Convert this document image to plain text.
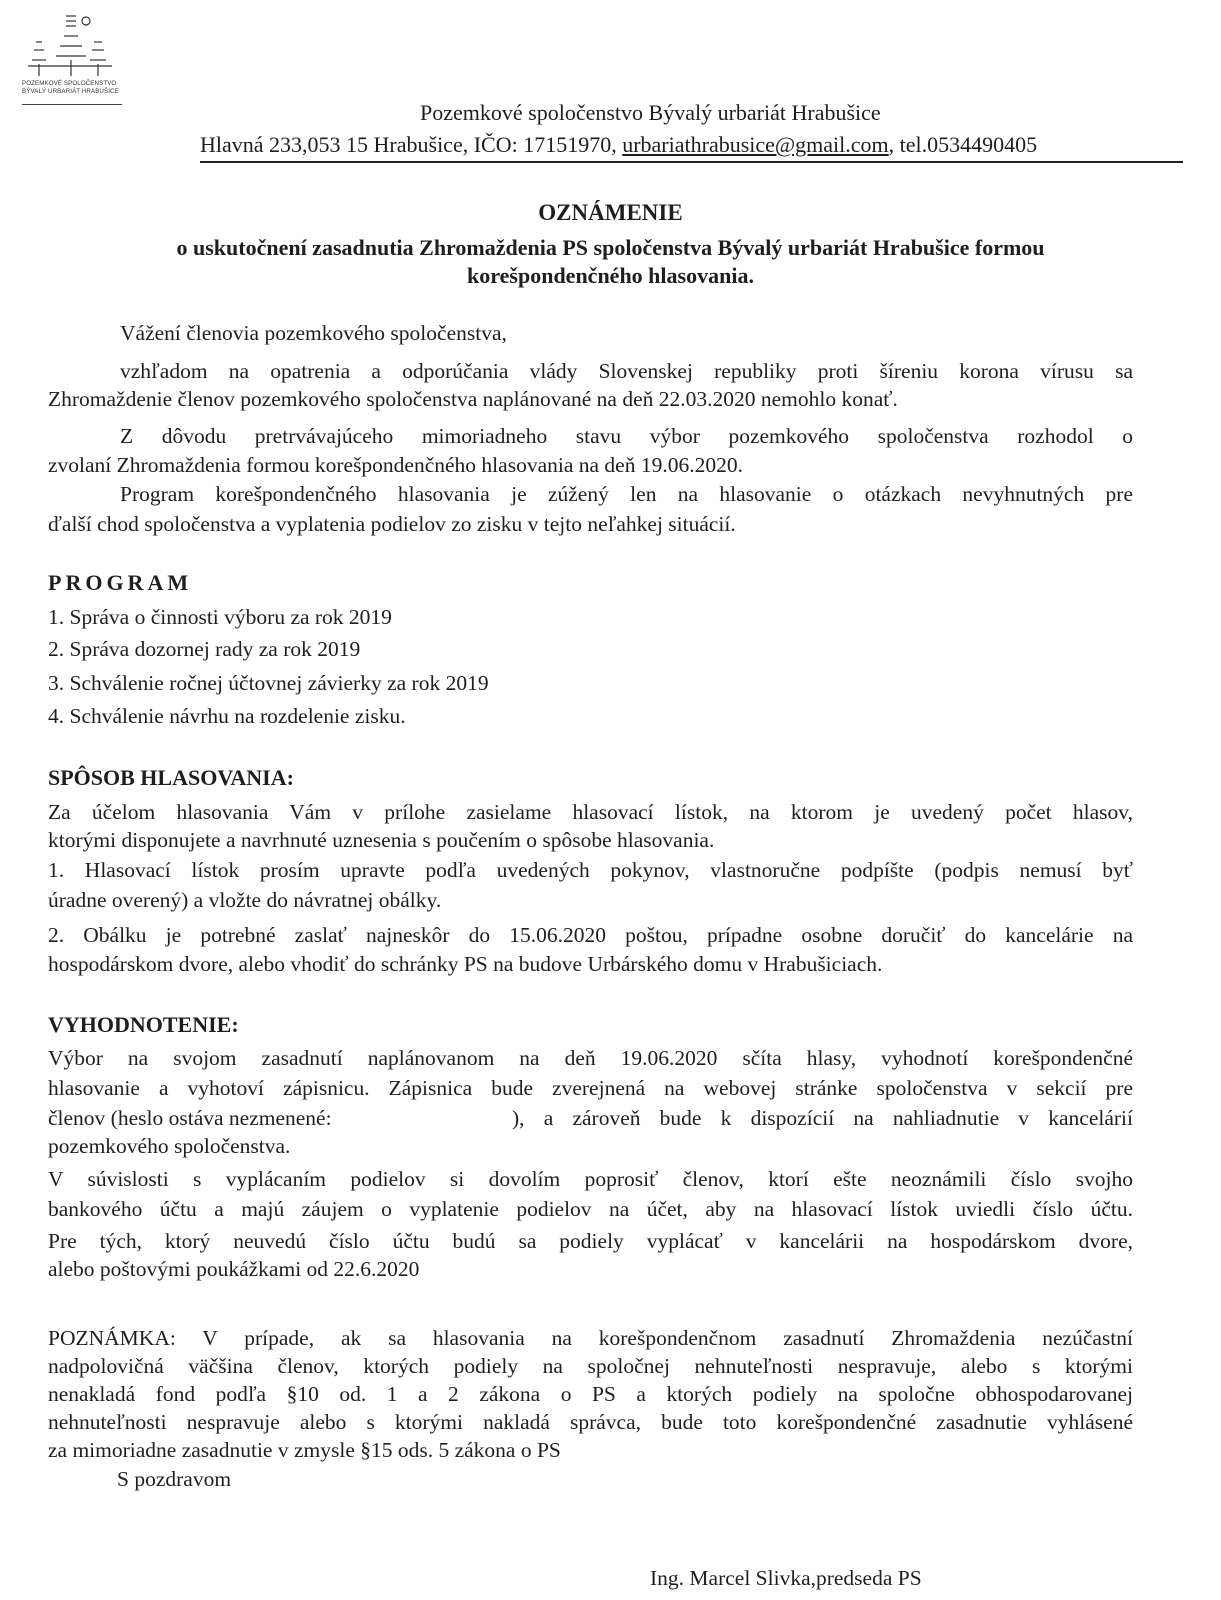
POZEMKOVÉ SPOLOČENSTVO
BÝVALÝ URBARIÁT HRABUŠICE
Pozemkové spoločenstvo Bývalý urbariát Hrabušice
Hlavná 233,053 15 Hrabušice, IČO: 17151970, urbariathrabusice@gmail.com, tel.0534490405
OZNÁMENIE
o uskutočnení zasadnutia Zhromaždenia PS spoločenstva Bývalý urbariát Hrabušice formou
korešpondenčného hlasovania.
Vážení členovia pozemkového spoločenstva,
vzhľadom na opatrenia a odporúčania vlády Slovenskej republiky proti šíreniu korona vírusu sa
Zhromaždenie členov pozemkového spoločenstva naplánované na deň 22.03.2020 nemohlo konať.
Z dôvodu pretrvávajúceho mimoriadneho stavu výbor pozemkového spoločenstva rozhodol o
zvolaní Zhromaždenia formou korešpondenčného hlasovania na deň 19.06.2020.
Program korešpondenčného hlasovania je zúžený len na hlasovanie o otázkach nevyhnutných pre
ďalší chod spoločenstva a vyplatenia podielov zo zisku v tejto neľahkej situácií.
PROGRAM
1. Správa o činnosti výboru za rok 2019
2. Správa dozornej rady za rok 2019
3. Schválenie ročnej účtovnej závierky za rok 2019
4. Schválenie návrhu na rozdelenie zisku.
SPÔSOB HLASOVANIA:
Za účelom hlasovania Vám v prílohe zasielame hlasovací lístok, na ktorom je uvedený počet hlasov,
ktorými disponujete a navrhnuté uznesenia s poučením o spôsobe hlasovania.
1. Hlasovací lístok prosím upravte podľa uvedených pokynov, vlastnoručne podpíšte (podpis nemusí byť
úradne overený) a vložte do návratnej obálky.
2. Obálku je potrebné zaslať najneskôr do 15.06.2020 poštou, prípadne osobne doručiť do kancelárie na
hospodárskom dvore, alebo vhodiť do schránky PS na budove Urbárského domu v Hrabušiciach.
VYHODNOTENIE:
Výbor na svojom zasadnutí naplánovanom na deň 19.06.2020 sčíta hlasy, vyhodnotí korešpondenčné
hlasovanie a vyhotoví zápisnicu. Zápisnica bude zverejnená na webovej stránke spoločenstva v sekcií pre
členov (heslo ostáva nezmenené:	), a zároveň bude k dispozícií na nahliadnutie v kancelárií
pozemkového spoločenstva.
V súvislosti s vyplácaním podielov si dovolím poprosiť členov, ktorí ešte neoznámili číslo svojho
bankového účtu a majú záujem o vyplatenie podielov na účet, aby na hlasovací lístok uviedli číslo účtu.
Pre tých, ktorý neuvedú číslo účtu budú sa podiely vyplácať v kancelárii na hospodárskom dvore,
alebo poštovými poukážkami od 22.6.2020
POZNÁMKA: V prípade, ak sa hlasovania na korešpondenčnom zasadnutí Zhromaždenia nezúčastní
nadpolovičná väčšina členov, ktorých podiely na spoločnej nehnuteľnosti nespravuje, alebo s ktorými
nenakladá fond podľa §10 od. 1 a 2 zákona o PS a ktorých podiely na spoločne obhospodarovanej
nehnuteľnosti nespravuje alebo s ktorými nakladá správca, bude toto korešpondenčné zasadnutie vyhlásené
za mimoriadne zasadnutie v zmysle §15 ods. 5 zákona o PS
S pozdravom
Ing. Marcel Slivka,predseda PS
